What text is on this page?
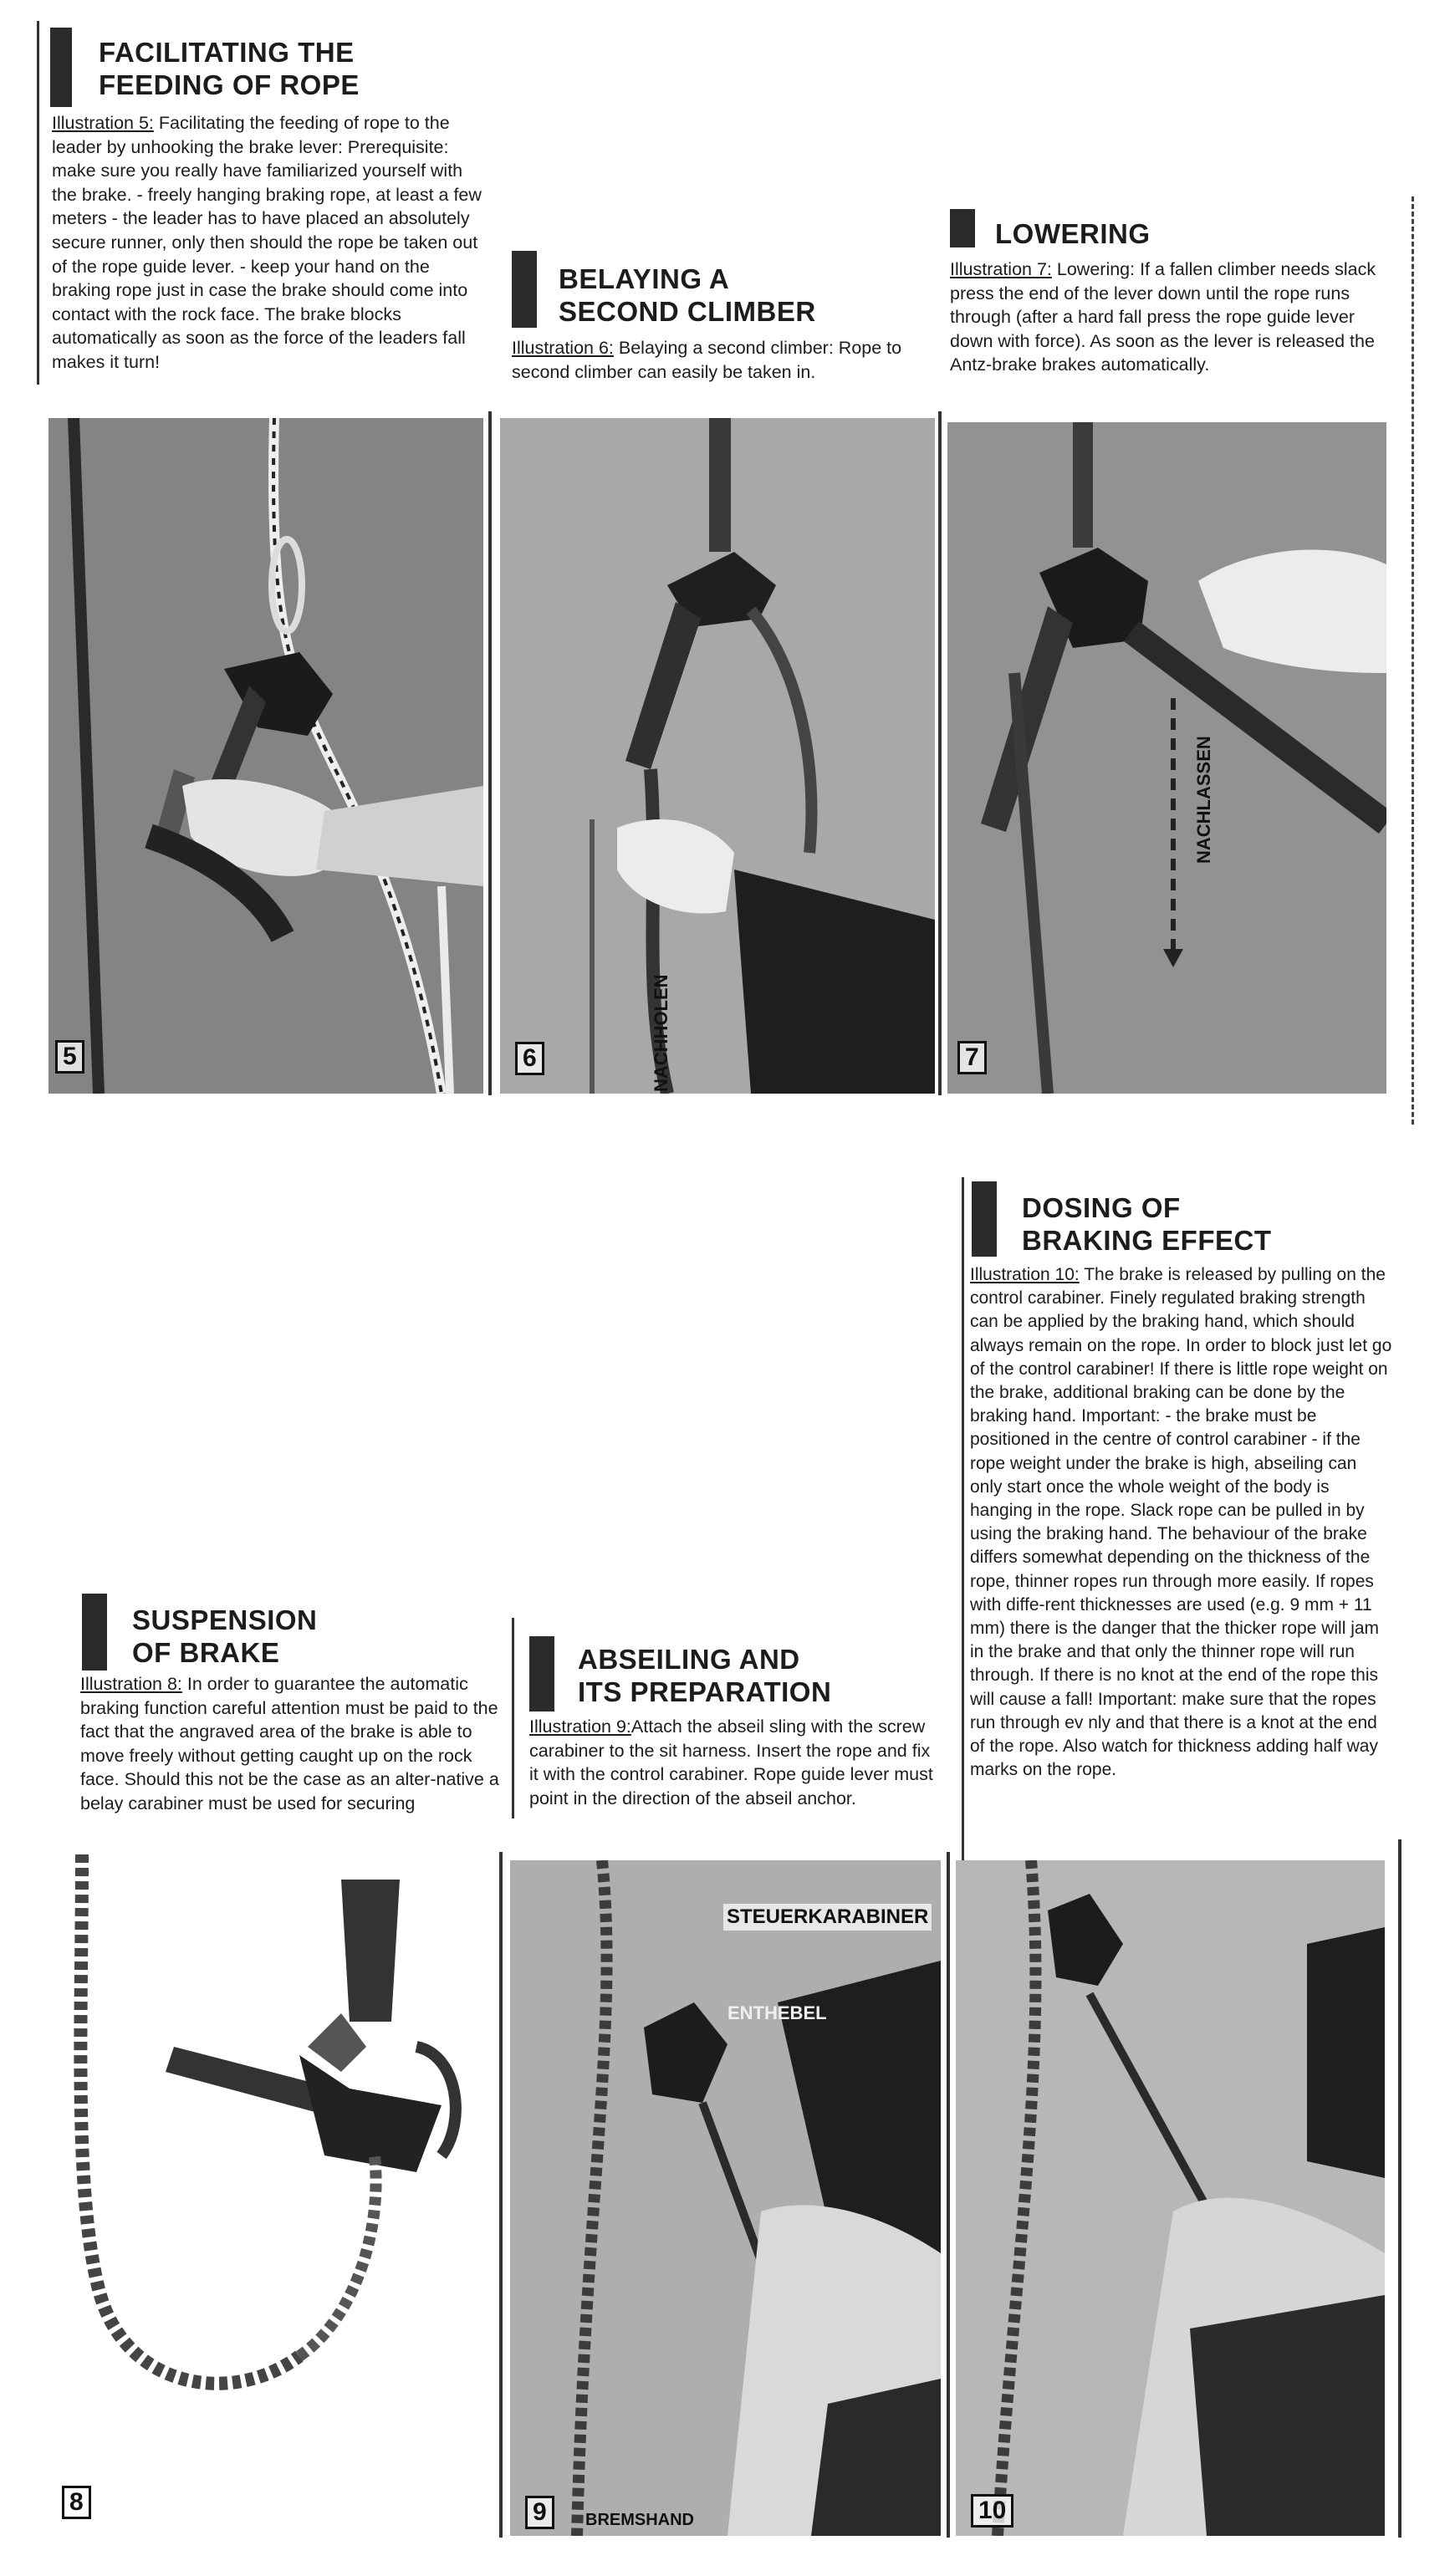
FACILITATING THE
FEEDING OF ROPE
Illustration 5: Facilitating the feeding of rope to the leader by unhooking the brake lever: Prerequisite: make sure you really have familiarized yourself with the brake. - freely hanging braking rope, at least a few meters - the leader has to have placed an absolutely secure runner, only then should the rope be taken out of the rope guide lever. - keep your hand on the braking rope just in case the brake should come into contact with the rock face. The brake blocks automatically as soon as the force of the leaders fall makes it turn!
BELAYING A
SECOND CLIMBER
Illustration 6: Belaying a second climber: Rope to second climber can easily be taken in.
LOWERING
Illustration 7: Lowering: If a fallen climber needs slack press the end of the lever down until the rope runs through (after a hard fall press the rope guide lever down with force). As soon as the lever is released the Antz-brake brakes automatically.
5	NACHHOLEN
6
NACHLASSEN
7
DOSING OF
BRAKING EFFECT
Illustration 10: The brake is released by pulling on the control carabiner. Finely regulated braking strength can be applied by the braking hand, which should always remain on the rope. In order to block just let go of the control carabiner! If there is little rope weight on the brake, additional braking can be done by the braking hand. Important: - the brake must be positioned in the centre of control carabiner - if the rope weight under the brake is high, abseiling can only start once the whole weight of the body is hanging in the rope. Slack rope can be pulled in by using the braking hand. The behaviour of the brake differs somewhat depending on the thickness of the rope, thinner ropes run through more easily. If ropes with diffe-rent thicknesses are used (e.g. 9 mm + 11 mm) there is the danger that the thicker rope will jam in the brake and that only the thinner rope will run through. If there is no knot at the end of the rope this will cause a fall! Important: make sure that the ropes run through ev nly and that there is a knot at the end of the rope. Also watch for thickness adding half way marks on the rope.
SUSPENSION
OF BRAKE
Illustration 8: In order to guarantee the automatic braking function careful attention must be paid to the fact that the angraved area of the brake is able to move freely without getting caught up on the rock face. Should this not be the case as an alter-native a belay carabiner must be used for securing
ABSEILING AND
ITS PREPARATION
Illustration 9:Attach the abseil sling with the screw carabiner to the sit harness. Insert the rope and fix it with the control carabiner. Rope guide lever must point in the direction of the abseil anchor.
8
STEUERKARABINER
ENTHEBEL
BREMSHAND
9	10
